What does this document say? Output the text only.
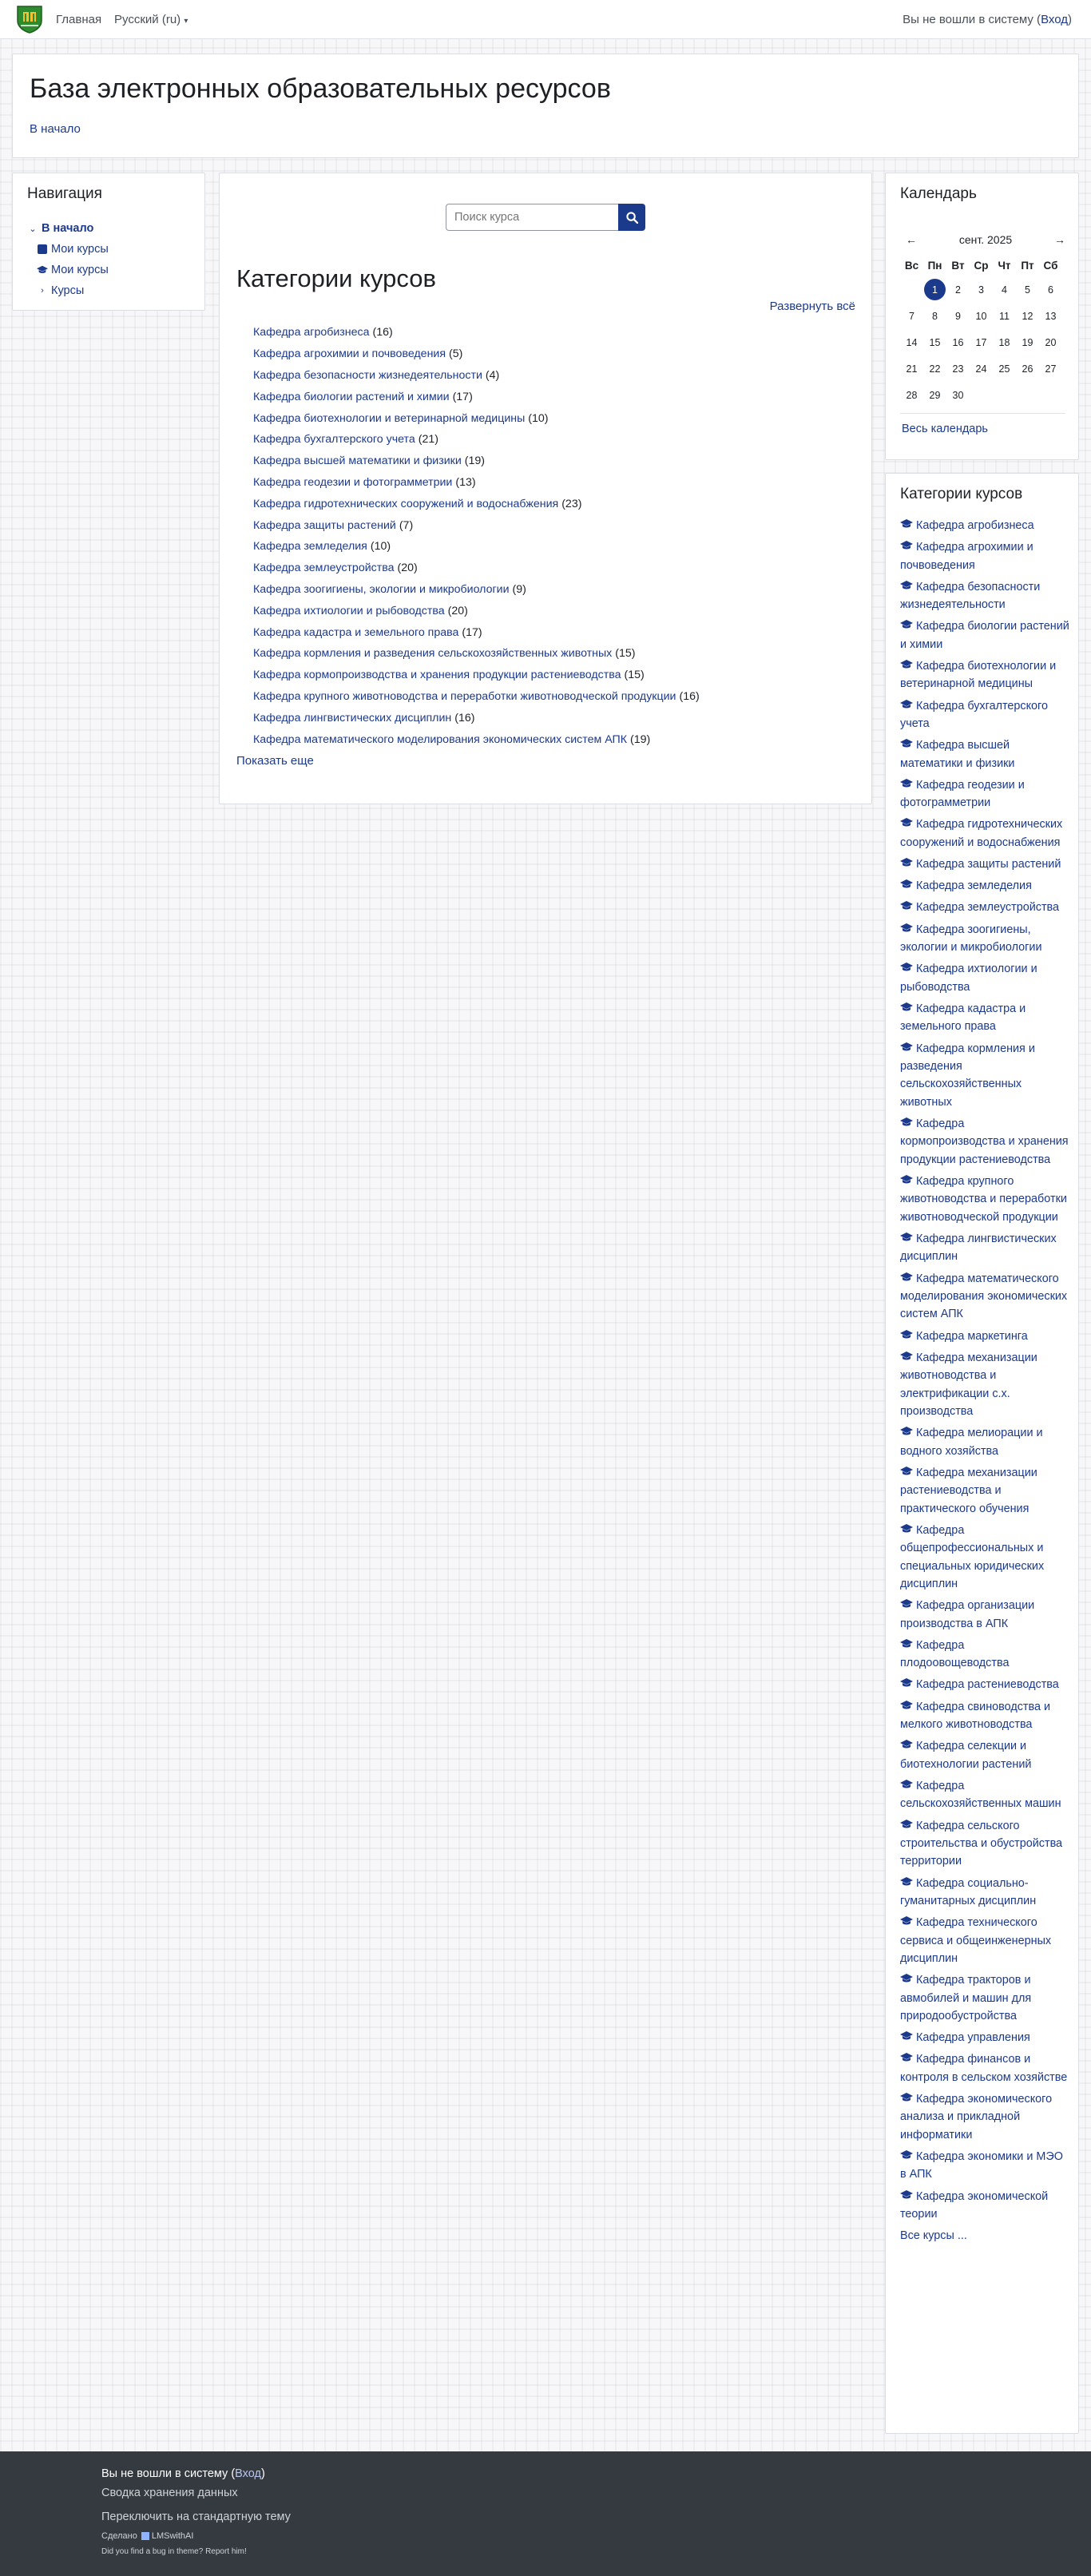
Главная Русский (ru) ▾	Вы не вошли в систему (Вход)
База электронных образовательных ресурсов
В начало
Навигация
⌄ В начало
Мои курсы
Мои курсы
› Курсы
Поиск курса	Категории курсов
Развернуть всё
Кафедра агробизнеса (16)
Кафедра агрохимии и почвоведения (5)
Кафедра безопасности жизнедеятельности (4)
Кафедра биологии растений и химии (17)
Кафедра биотехнологии и ветеринарной медицины (10)
Кафедра бухгалтерского учета (21)
Кафедра высшей математики и физики (19)
Кафедра геодезии и фотограмметрии (13)
Кафедра гидротехнических сооружений и водоснабжения (23)
Кафедра защиты растений (7)
Кафедра земледелия (10)
Кафедра землеустройства (20)
Кафедра зоогигиены, экологии и микробиологии (9)
Кафедра ихтиологии и рыбоводства (20)
Кафедра кадастра и земельного права (17)
Кафедра кормления и разведения сельскохозяйственных животных (15)
Кафедра кормопроизводства и хранения продукции растениеводства (15)
Кафедра крупного животноводства и переработки животноводческой продукции (16)
Кафедра лингвистических дисциплин (16)
Кафедра математического моделирования экономических систем АПК (19)
Показать еще
Календарь
←	сент. 2025	→
Вс	Пн	Вт	Ср	Чт	Пт	Сб
	1	2	3	4	5	6
7	8	9	10	11	12	13
14	15	16	17	18	19	20
21	22	23	24	25	26	27
28	29	30				
Весь календарь
Категории курсов
Кафедра агробизнеса
Кафедра агрохимии и почвоведения
Кафедра безопасности жизнедеятельности
Кафедра биологии растений и химии
Кафедра биотехнологии и ветеринарной медицины
Кафедра бухгалтерского учета
Кафедра высшей математики и физики
Кафедра геодезии и фотограмметрии
Кафедра гидротехнических сооружений и водоснабжения
Кафедра защиты растений
Кафедра земледелия
Кафедра землеустройства
Кафедра зоогигиены, экологии и микробиологии
Кафедра ихтиологии и рыбоводства
Кафедра кадастра и земельного права
Кафедра кормления и разведения сельскохозяйственных животных
Кафедра кормопроизводства и хранения продукции растениеводства
Кафедра крупного животноводства и переработки животноводческой продукции
Кафедра лингвистических дисциплин
Кафедра математического моделирования экономических систем АПК
Кафедра маркетинга
Кафедра механизации животноводства и электрификации с.х. производства
Кафедра мелиорации и водного хозяйства
Кафедра механизации растениеводства и практического обучения
Кафедра общепрофессиональных и специальных юридических дисциплин
Кафедра организации производства в АПК
Кафедра плодоовощеводства
Кафедра растениеводства
Кафедра свиноводства и мелкого животноводства
Кафедра селекции и биотехнологии растений
Кафедра сельскохозяйственных машин
Кафедра сельского строительства и обустройства территории
Кафедра социально-гуманитарных дисциплин
Кафедра технического сервиса и общеинженерных дисциплин
Кафедра тракторов и авмобилей и машин для природообустройства
Кафедра управления
Кафедра финансов и контроля в сельском хозяйстве
Кафедра экономического анализа и прикладной информатики
Кафедра экономики и МЭО в АПК
Кафедра экономической теории
Все курсы ...
Вы не вошли в систему (Вход)
Сводка хранения данных
Переключить на стандартную тему
Сделано LMSwithAI
Did you find a bug in theme? Report him!
